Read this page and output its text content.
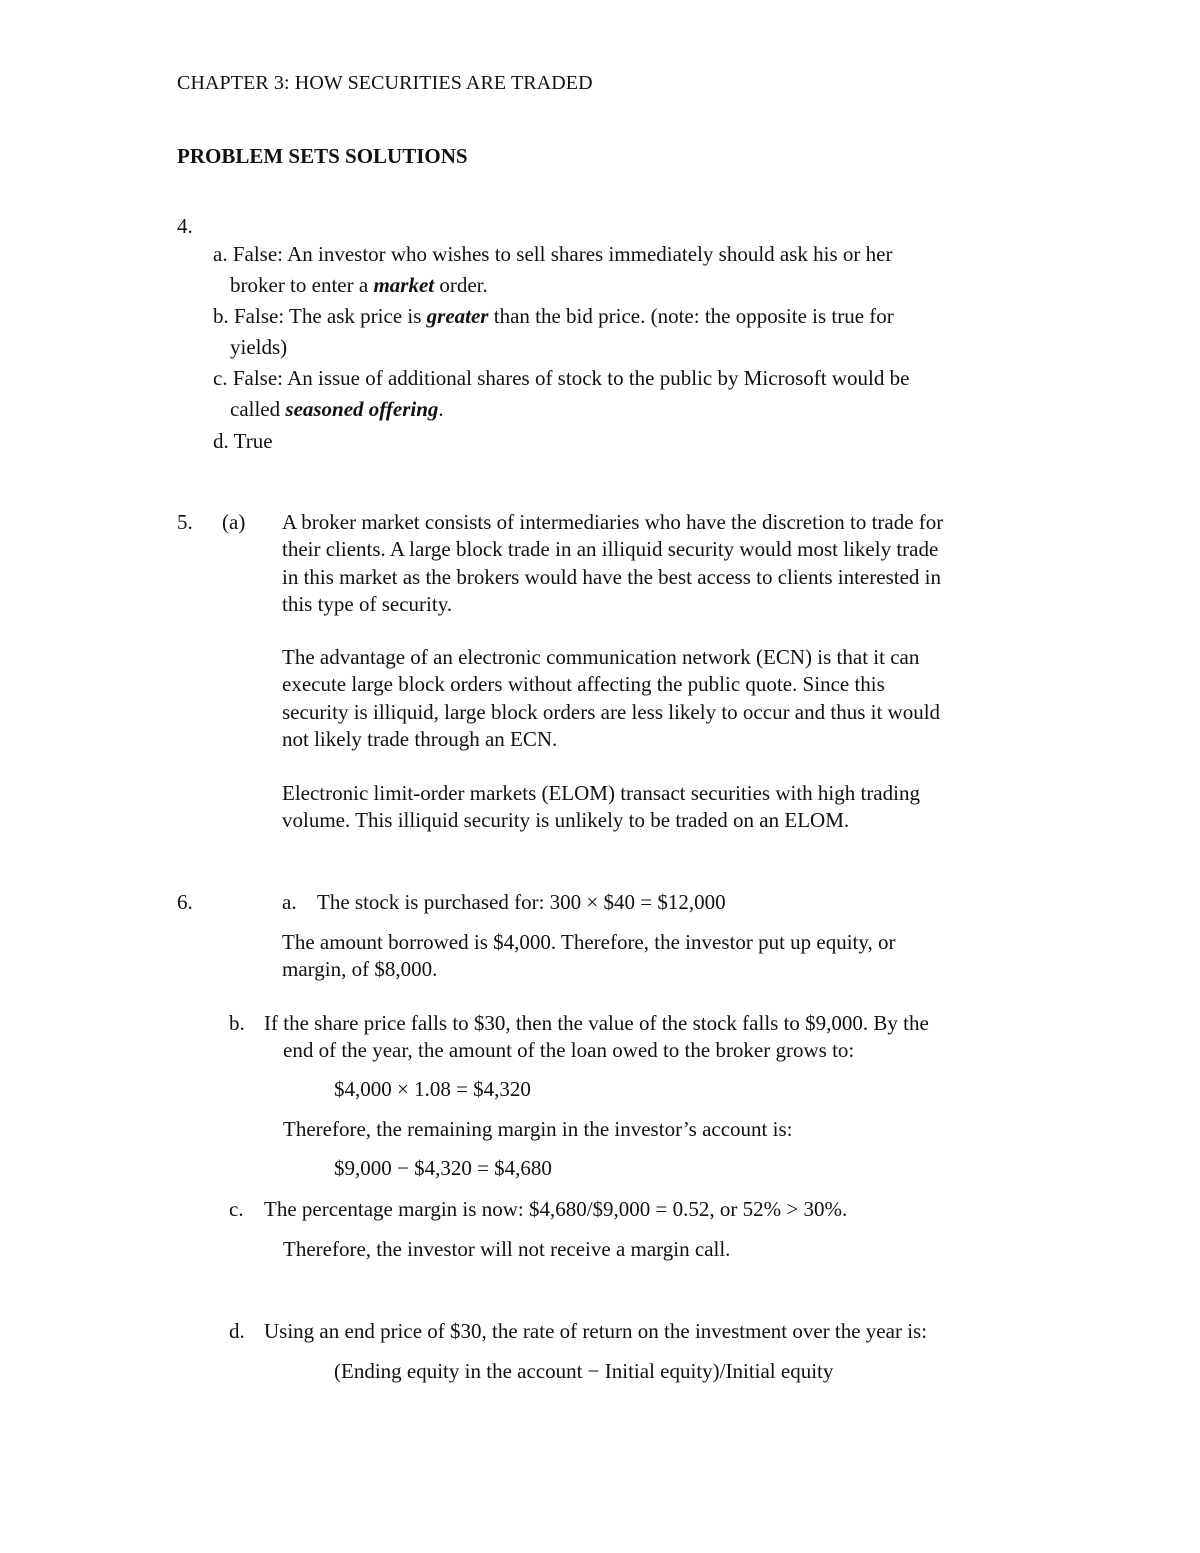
CHAPTER 3: HOW SECURITIES ARE TRADED
PROBLEM SETS SOLUTIONS
4.
a. False: An investor who wishes to sell shares immediately should ask his or her
broker to enter a market order.
b. False: The ask price is greater than the bid price. (note: the opposite is true for
yields)
c. False: An issue of additional shares of stock to the public by Microsoft would be
called seasoned offering.
d. True
5. (a) A broker market consists of intermediaries who have the discretion to trade for
their clients. A large block trade in an illiquid security would most likely trade
in this market as the brokers would have the best access to clients interested in
this type of security.
The advantage of an electronic communication network (ECN) is that it can
execute large block orders without affecting the public quote. Since this
security is illiquid, large block orders are less likely to occur and thus it would
not likely trade through an ECN.
Electronic limit-order markets (ELOM) transact securities with high trading
volume. This illiquid security is unlikely to be traded on an ELOM.
6.	a. The stock is purchased for: 300 × $40 = $12,000
The amount borrowed is $4,000. Therefore, the investor put up equity, or
margin, of $8,000.
b. If the share price falls to $30, then the value of the stock falls to $9,000. By the
end of the year, the amount of the loan owed to the broker grows to:
$4,000 × 1.08 = $4,320
Therefore, the remaining margin in the investor’s account is:
$9,000 − $4,320 = $4,680
c. The percentage margin is now: $4,680/$9,000 = 0.52, or 52% > 30%.
Therefore, the investor will not receive a margin call.
d. Using an end price of $30, the rate of return on the investment over the year is:
(Ending equity in the account − Initial equity)/Initial equity
